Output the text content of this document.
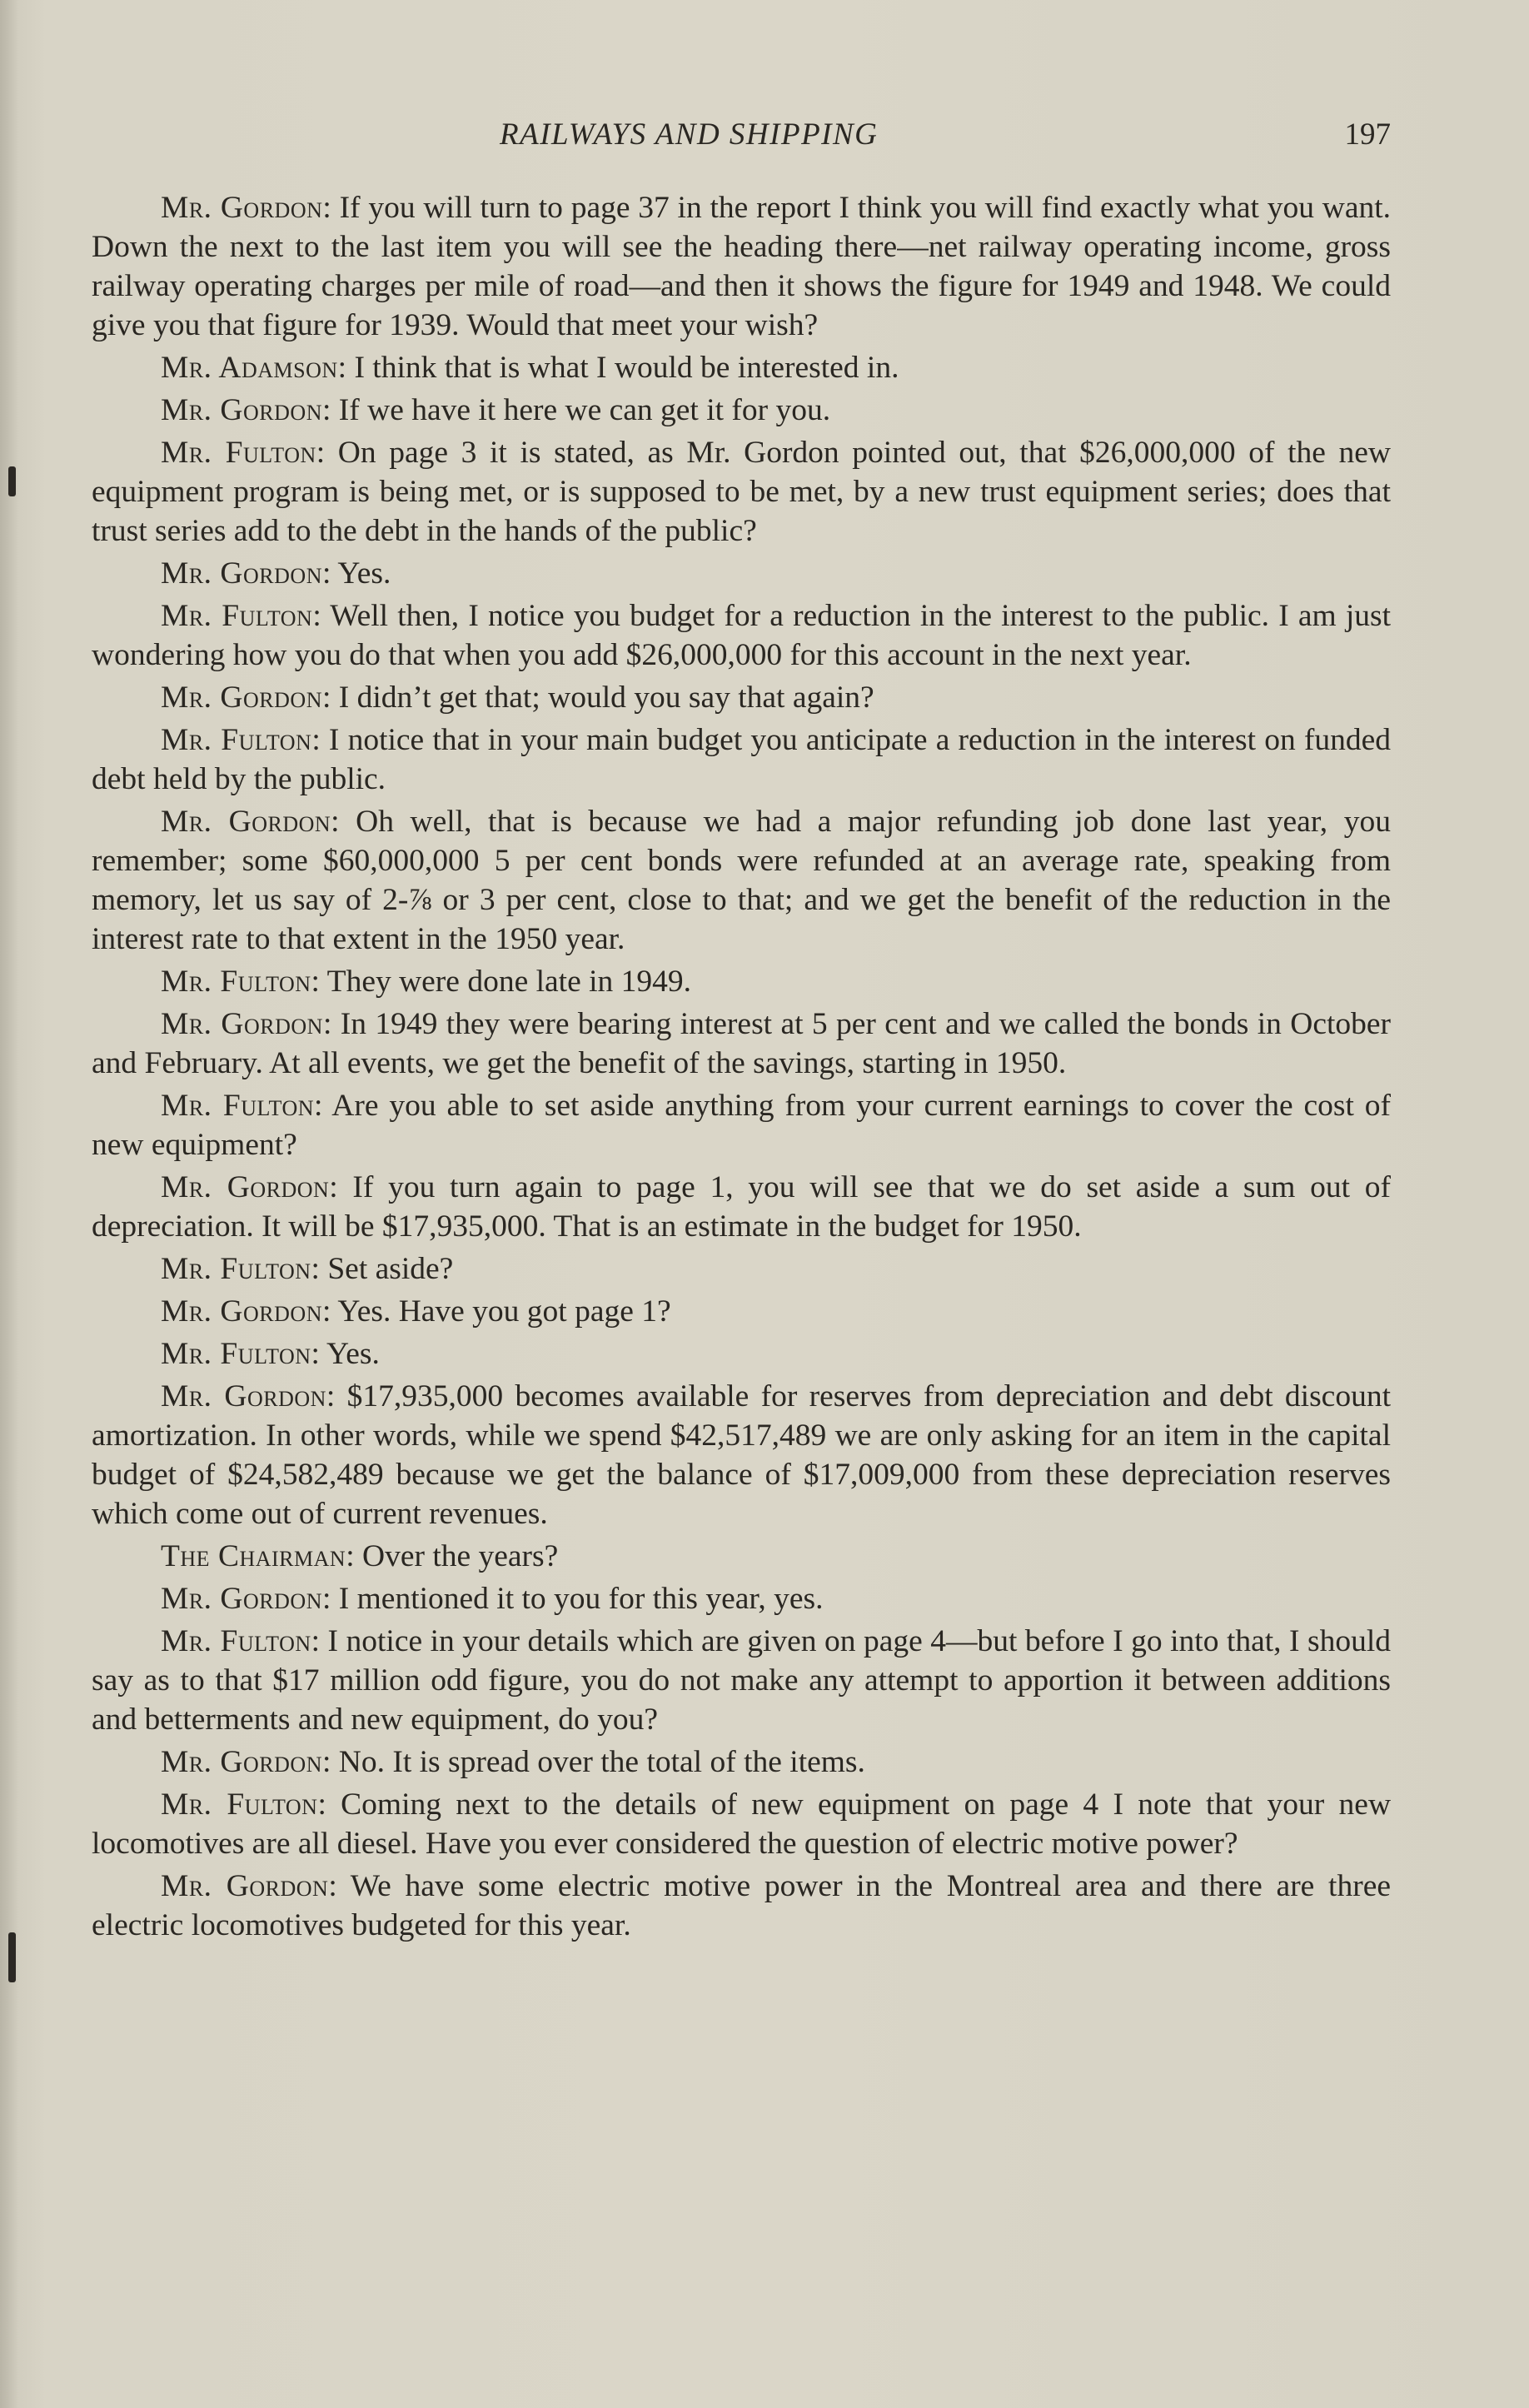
RAILWAYS AND SHIPPING	197

Mr. Gordon: If you will turn to page 37 in the report I think you will find exactly what you want. Down the next to the last item you will see the heading there—net railway operating income, gross railway operating charges per mile of road—and then it shows the figure for 1949 and 1948. We could give you that figure for 1939. Would that meet your wish?

Mr. Adamson: I think that is what I would be interested in.

Mr. Gordon: If we have it here we can get it for you.

Mr. Fulton: On page 3 it is stated, as Mr. Gordon pointed out, that $26,000,000 of the new equipment program is being met, or is supposed to be met, by a new trust equipment series; does that trust series add to the debt in the hands of the public?

Mr. Gordon: Yes.

Mr. Fulton: Well then, I notice you budget for a reduction in the interest to the public. I am just wondering how you do that when you add $26,000,000 for this account in the next year.

Mr. Gordon: I didn’t get that; would you say that again?

Mr. Fulton: I notice that in your main budget you anticipate a reduction in the interest on funded debt held by the public.

Mr. Gordon: Oh well, that is because we had a major refunding job done last year, you remember; some $60,000,000 5 per cent bonds were refunded at an average rate, speaking from memory, let us say of 2-⅞ or 3 per cent, close to that; and we get the benefit of the reduction in the interest rate to that extent in the 1950 year.

Mr. Fulton: They were done late in 1949.

Mr. Gordon: In 1949 they were bearing interest at 5 per cent and we called the bonds in October and February. At all events, we get the benefit of the savings, starting in 1950.

Mr. Fulton: Are you able to set aside anything from your current earnings to cover the cost of new equipment?

Mr. Gordon: If you turn again to page 1, you will see that we do set aside a sum out of depreciation. It will be $17,935,000. That is an estimate in the budget for 1950.

Mr. Fulton: Set aside?

Mr. Gordon: Yes. Have you got page 1?

Mr. Fulton: Yes.

Mr. Gordon: $17,935,000 becomes available for reserves from depreciation and debt discount amortization. In other words, while we spend $42,517,489 we are only asking for an item in the capital budget of $24,582,489 because we get the balance of $17,009,000 from these depreciation reserves which come out of current revenues.

The Chairman: Over the years?

Mr. Gordon: I mentioned it to you for this year, yes.

Mr. Fulton: I notice in your details which are given on page 4—but before I go into that, I should say as to that $17 million odd figure, you do not make any attempt to apportion it between additions and betterments and new equipment, do you?

Mr. Gordon: No. It is spread over the total of the items.

Mr. Fulton: Coming next to the details of new equipment on page 4 I note that your new locomotives are all diesel. Have you ever considered the question of electric motive power?

Mr. Gordon: We have some electric motive power in the Montreal area and there are three electric locomotives budgeted for this year.
